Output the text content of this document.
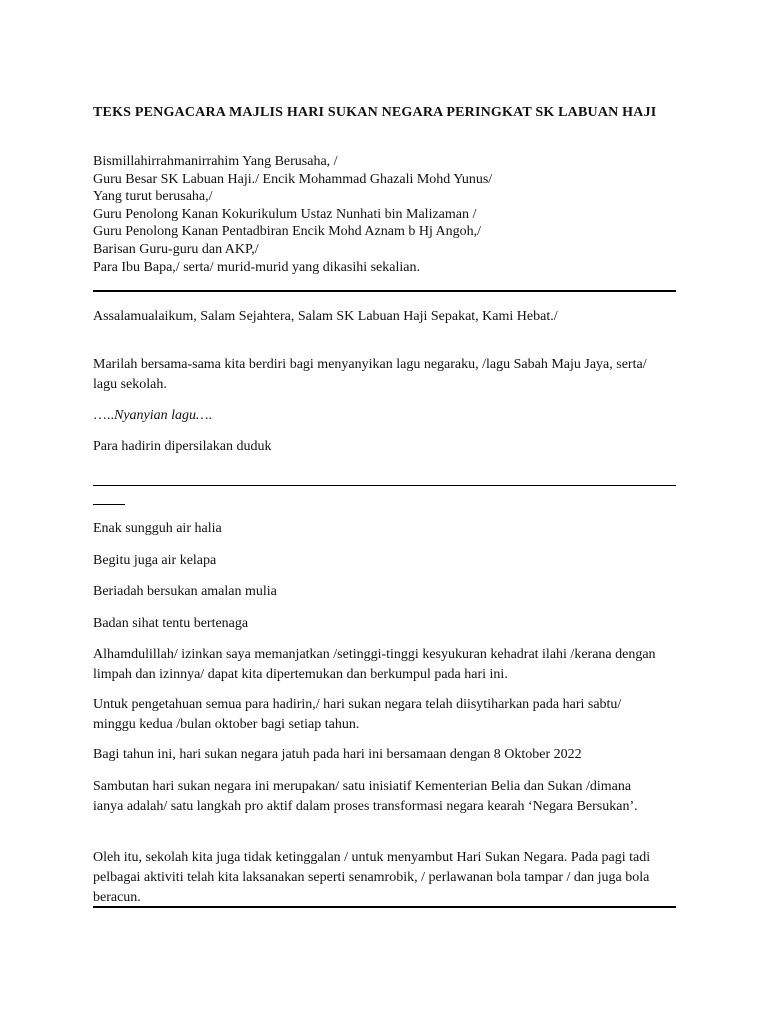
TEKS PENGACARA MAJLIS HARI SUKAN NEGARA PERINGKAT SK LABUAN HAJI
Bismillahirrahmanirrahim Yang Berusaha, /
Guru Besar SK Labuan Haji./ Encik Mohammad Ghazali Mohd Yunus/
Yang turut berusaha,/
Guru Penolong Kanan Kokurikulum Ustaz Nunhati bin Malizaman /
Guru Penolong Kanan Pentadbiran Encik Mohd Aznam b Hj Angoh,/
Barisan Guru-guru dan AKP,/
Para Ibu Bapa,/ serta/ murid-murid yang dikasihi sekalian.

Assalamualaikum, Salam Sejahtera, Salam SK Labuan Haji Sepakat, Kami Hebat./

Marilah bersama-sama kita berdiri bagi menyanyikan lagu negaraku, /lagu Sabah Maju Jaya, serta/ lagu sekolah.

…..Nyanyian lagu….

Para hadirin dipersilakan duduk

Enak sungguh air halia

Begitu juga air kelapa

Beriadah bersukan amalan mulia

Badan sihat tentu bertenaga

Alhamdulillah/ izinkan saya memanjatkan /setinggi-tinggi kesyukuran kehadrat ilahi /kerana dengan limpah dan izinnya/ dapat kita dipertemukan dan berkumpul pada hari ini.

Untuk pengetahuan semua para hadirin,/ hari sukan negara telah diisytiharkan pada hari sabtu/ minggu kedua /bulan oktober bagi setiap tahun.

Bagi tahun ini, hari sukan negara jatuh pada hari ini bersamaan dengan 8 Oktober 2022

Sambutan hari sukan negara ini merupakan/ satu inisiatif Kementerian Belia dan Sukan /dimana ianya adalah/ satu langkah pro aktif dalam proses transformasi negara kearah ‘Negara Bersukan’.

Oleh itu, sekolah kita juga tidak ketinggalan / untuk menyambut Hari Sukan Negara. Pada pagi tadi pelbagai aktiviti telah kita laksanakan seperti senamrobik, / perlawanan bola tampar / dan juga bola beracun.
